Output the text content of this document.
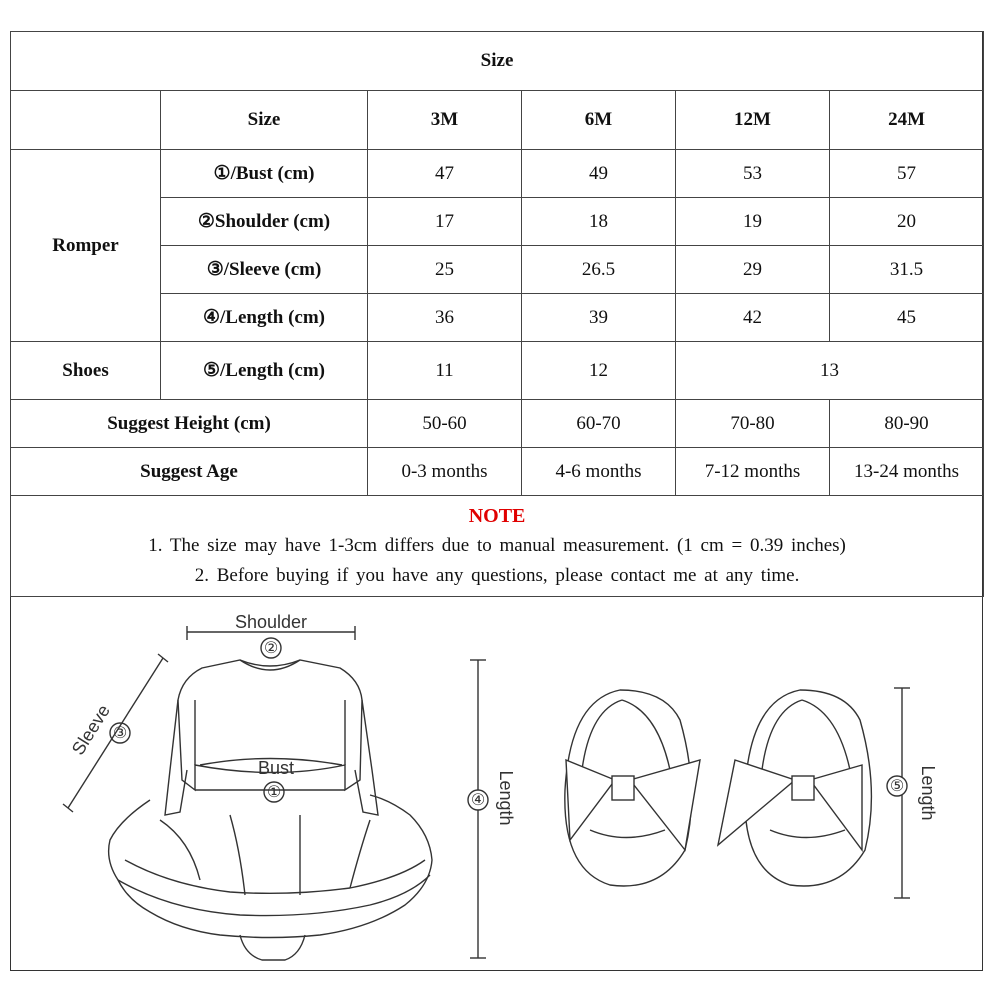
Size					
	Size	3M	6M	12M	24M
Romper	①/Bust (cm)	47	49	53	57
	②Shoulder (cm)	17	18	19	20
	③/Sleeve (cm)	25	26.5	29	31.5
	④/Length (cm)	36	39	42	45
Shoes	⑤/Length (cm)	11	12	13	
Suggest Height (cm)		50-60	60-70	70-80	80-90
Suggest Age		0-3 months	4-6 months	7-12 months	13-24 months

NOTE
1. The size may have 1-3cm differs due to manual measurement. (1 cm = 0.39 inches)
2. Before buying if you have any questions, please contact me at any time.					
Shoulder
②
Bust
①
Sleeve
③
④ Length	⑤ Length
